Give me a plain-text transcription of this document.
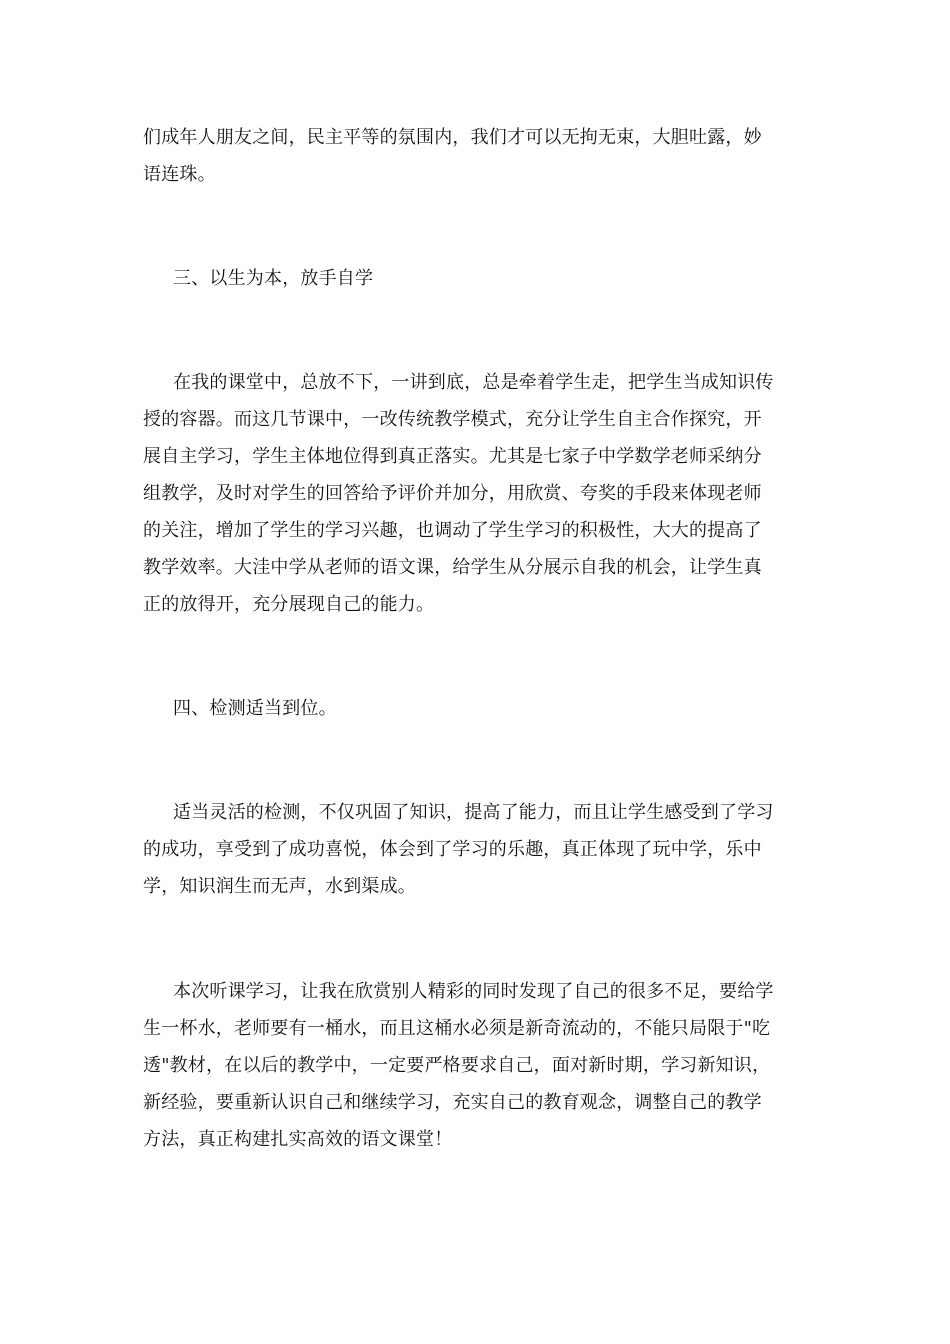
们成年人朋友之间，民主平等的氛围内，我们才可以无拘无束，大胆吐露，妙
语连珠。

三、以生为本，放手自学

在我的课堂中，总放不下，一讲到底，总是牵着学生走，把学生当成知识传
授的容器。而这几节课中，一改传统教学模式，充分让学生自主合作探究，开
展自主学习，学生主体地位得到真正落实。尤其是七家子中学数学老师采纳分
组教学，及时对学生的回答给予评价并加分，用欣赏、夸奖的手段来体现老师
的关注，增加了学生的学习兴趣，也调动了学生学习的积极性，大大的提高了
教学效率。大洼中学从老师的语文课，给学生从分展示自我的机会，让学生真
正的放得开，充分展现自己的能力。

四、检测适当到位。

适当灵活的检测，不仅巩固了知识，提高了能力，而且让学生感受到了学习
的成功，享受到了成功喜悦，体会到了学习的乐趣，真正体现了玩中学，乐中
学，知识润生而无声，水到渠成。

本次听课学习，让我在欣赏别人精彩的同时发现了自己的很多不足，要给学
生一杯水，老师要有一桶水，而且这桶水必须是新奇流动的，不能只局限于"吃
透"教材，在以后的教学中，一定要严格要求自己，面对新时期，学习新知识，
新经验，要重新认识自己和继续学习，充实自己的教育观念，调整自己的教学
方法，真正构建扎实高效的语文课堂！
